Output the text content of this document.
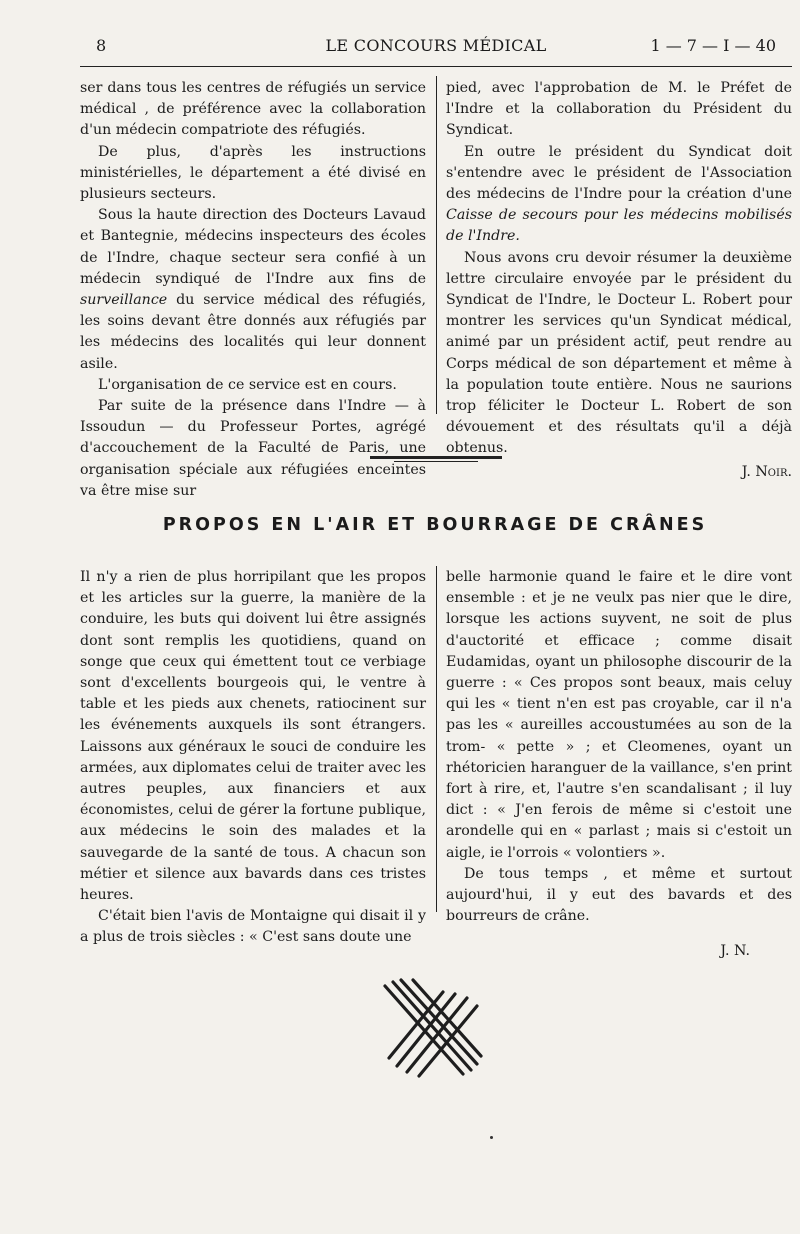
8	LE CONCOURS MÉDICAL	1 — 7 — I — 40

ser dans tous les centres de réfugiés un service médical , de préférence avec la collaboration d'un médecin compatriote des réfugiés.

De plus, d'après les instructions ministérielles, le département a été divisé en plusieurs secteurs.

Sous la haute direction des Docteurs Lavaud et Bantegnie, médecins inspecteurs des écoles de l'Indre, chaque secteur sera confié à un médecin syndiqué de l'Indre aux fins de surveillance du service médical des réfugiés, les soins devant être donnés aux réfugiés par les médecins des localités qui leur donnent asile.

L'organisation de ce service est en cours.

Par suite de la présence dans l'Indre — à Issoudun — du Professeur Portes, agrégé d'accouchement de la Faculté de Paris, une organisation spéciale aux réfugiées enceintes va être mise sur

pied, avec l'approbation de M. le Préfet de l'Indre et la collaboration du Président du Syndicat.

En outre le président du Syndicat doit s'entendre avec le président de l'Association des médecins de l'Indre pour la création d'une Caisse de secours pour les médecins mobilisés de l'Indre.

Nous avons cru devoir résumer la deuxième lettre circulaire envoyée par le président du Syndicat de l'Indre, le Docteur L. Robert pour montrer les services qu'un Syndicat médical, animé par un président actif, peut rendre au Corps médical de son département et même à la population toute entière. Nous ne saurions trop féliciter le Docteur L. Robert de son dévouement et des résultats qu'il a déjà obtenus.

J. Noir.
PROPOS EN L'AIR ET BOURRAGE DE CRÂNES

Il n'y a rien de plus horripilant que les propos et les articles sur la guerre, la manière de la conduire, les buts qui doivent lui être assignés dont sont remplis les quotidiens, quand on songe que ceux qui émettent tout ce verbiage sont d'excellents bourgeois qui, le ventre à table et les pieds aux chenets, ratiocinent sur les événements auxquels ils sont étrangers. Laissons aux généraux le souci de conduire les armées, aux diplomates celui de traiter avec les autres peuples, aux financiers et aux économistes, celui de gérer la fortune publique, aux médecins le soin des malades et la sauvegarde de la santé de tous. A chacun son métier et silence aux bavards dans ces tristes heures.

C'était bien l'avis de Montaigne qui disait il y a plus de trois siècles : « C'est sans doute une

belle harmonie quand le faire et le dire vont ensemble : et je ne veulx pas nier que le dire, lorsque les actions suyvent, ne soit de plus d'auctorité et efficace ; comme disait Eudamidas, oyant un philosophe discourir de la guerre : « Ces propos sont beaux, mais celuy qui les « tient n'en est pas croyable, car il n'a pas les « aureilles accoustumées au son de la trom- « pette » ; et Cleomenes, oyant un rhétoricien haranguer de la vaillance, s'en print fort à rire, et, l'autre s'en scandalisant ; il luy dict : « J'en ferois de même si c'estoit une arondelle qui en « parlast ; mais si c'estoit un aigle, ie l'orrois « volontiers ».

De tous temps , et même et surtout aujourd'hui, il y eut des bavards et des bourreurs de crâne.

J. N.
